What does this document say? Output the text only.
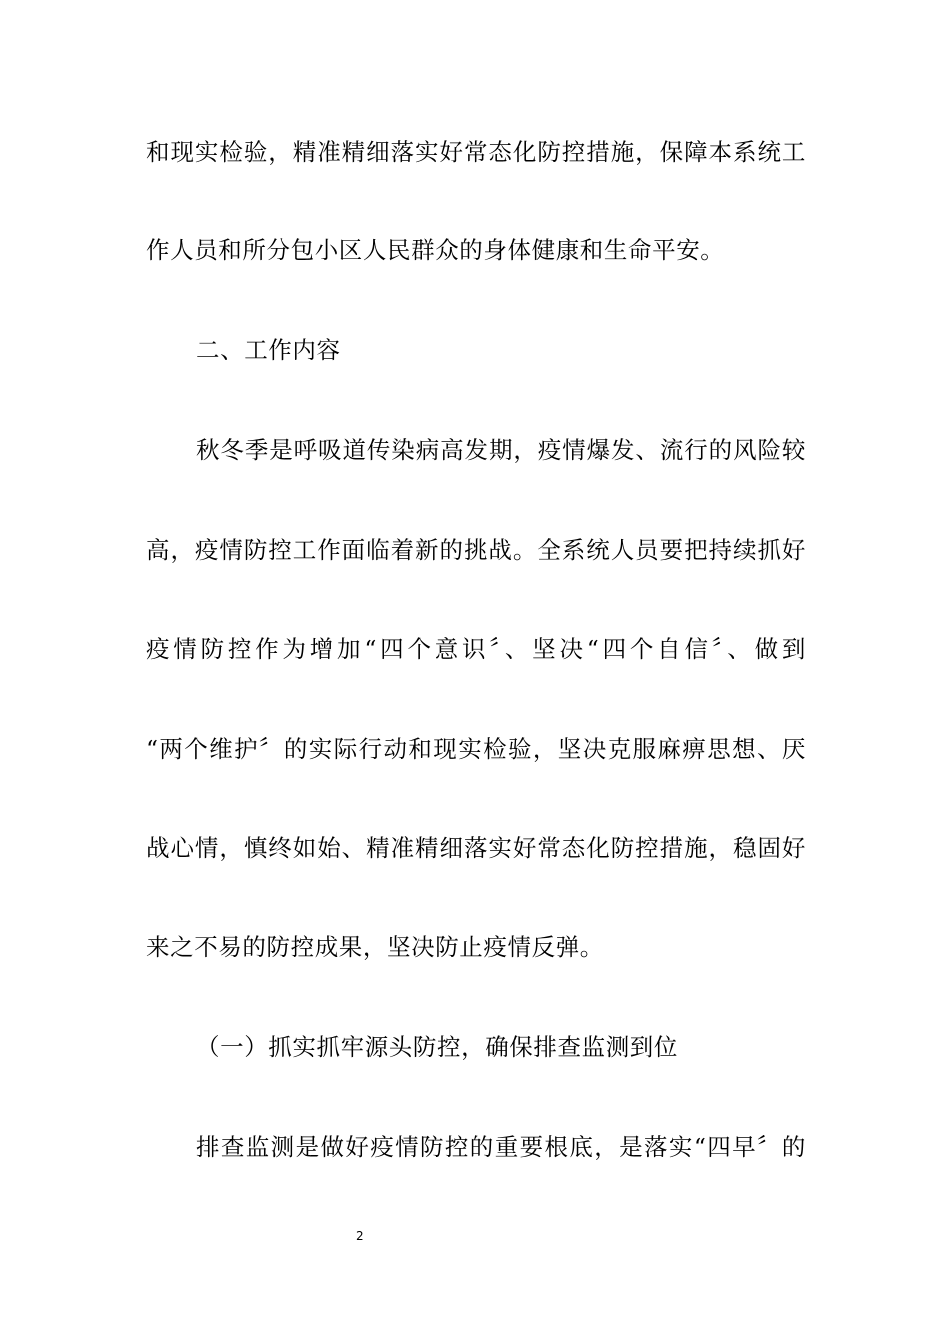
和现实检验，精准精细落实好常态化防控措施，保障本系统工
作人员和所分包小区人民群众的身体健康和生命平安。
二、工作内容
秋冬季是呼吸道传染病高发期，疫情爆发、流行的风险较
高，疫情防控工作面临着新的挑战。全系统人员要把持续抓好
疫情防控作为增加“四个意识〞、坚决“四个自信〞、做到
“两个维护〞的实际行动和现实检验，坚决克服麻痹思想、厌
战心情，慎终如始、精准精细落实好常态化防控措施，稳固好
来之不易的防控成果，坚决防止疫情反弹。
（一）抓实抓牢源头防控，确保排查监测到位
排查监测是做好疫情防控的重要根底，是落实“四早〞的
2
